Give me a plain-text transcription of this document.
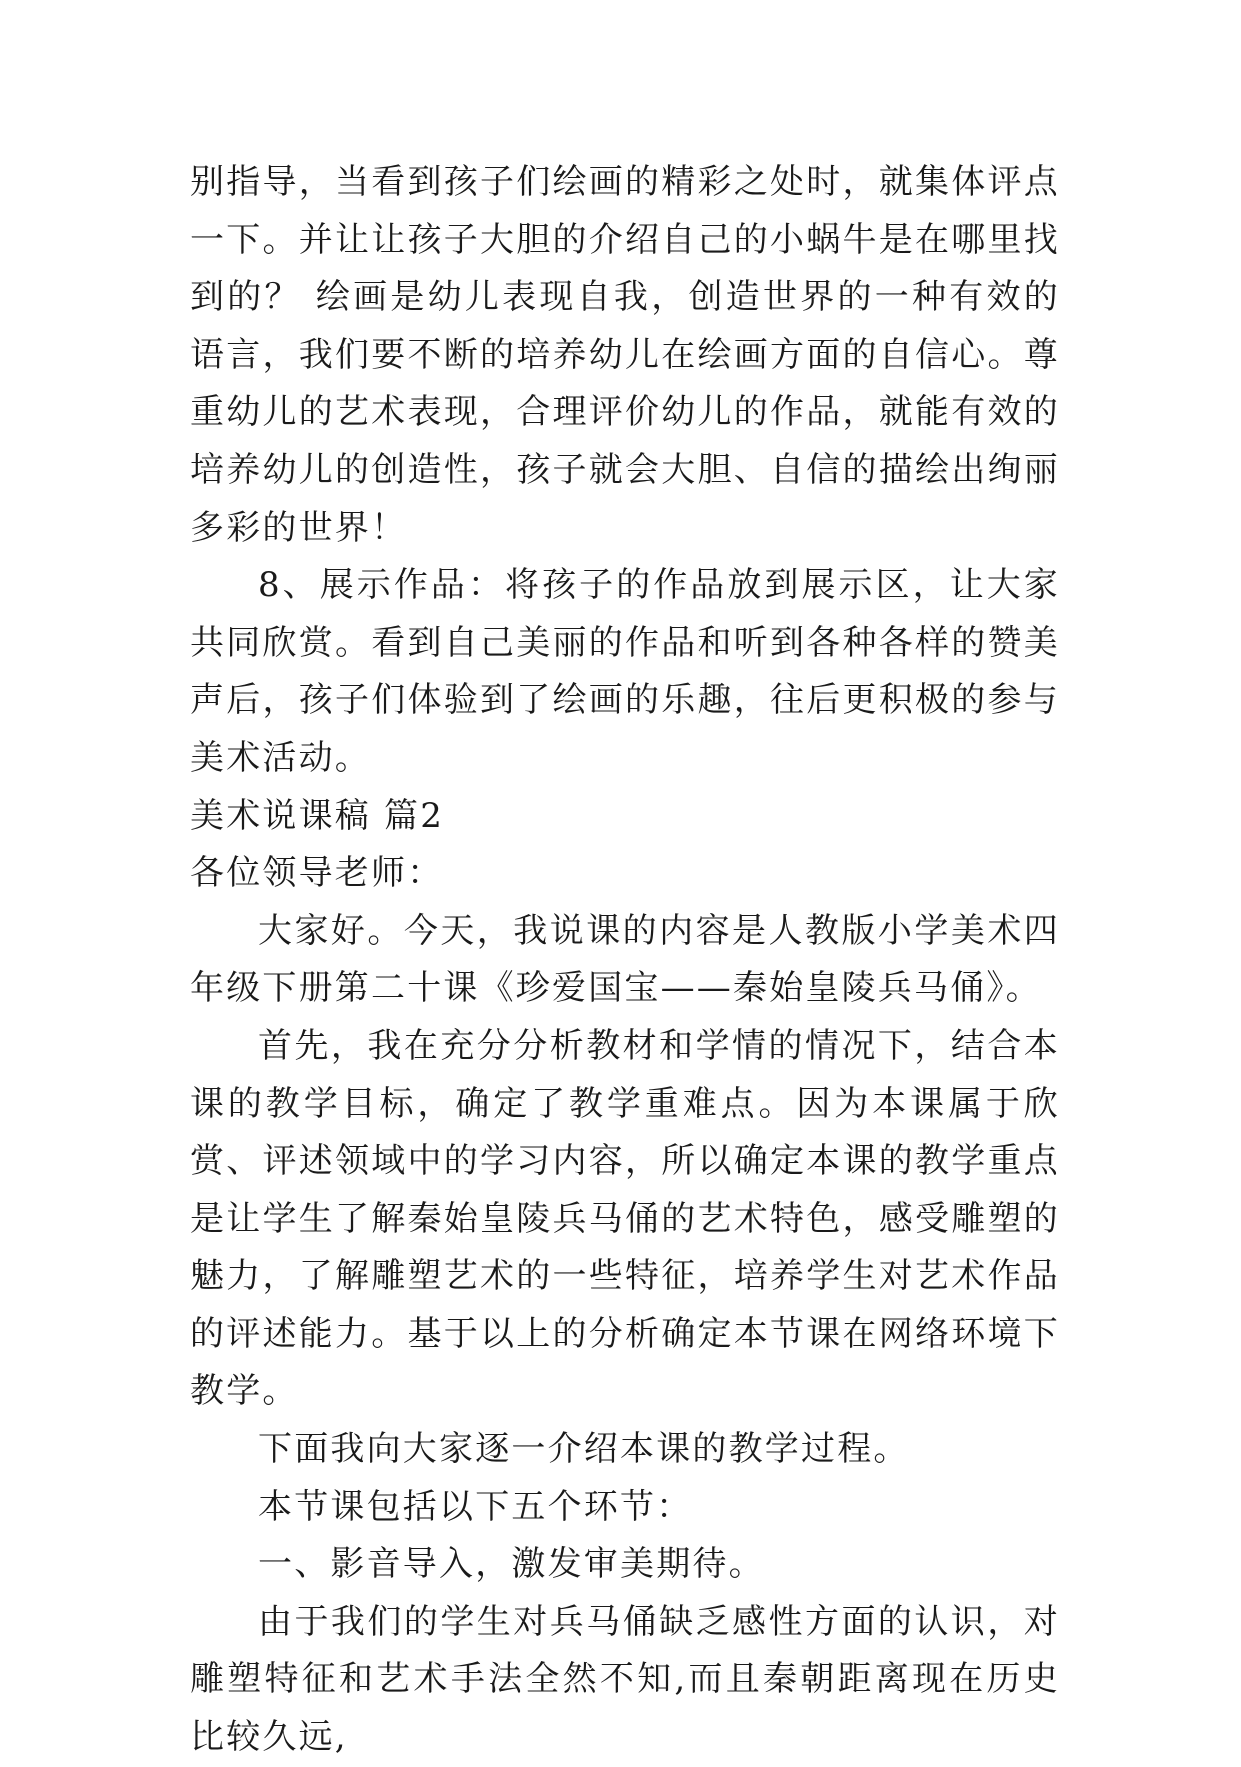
别指导，当看到孩子们绘画的精彩之处时，就集体评点一下。并让让孩子大胆的介绍自己的小蜗牛是在哪里找到的？ 绘画是幼儿表现自我，创造世界的一种有效的语言，我们要不断的培养幼儿在绘画方面的自信心。尊重幼儿的艺术表现，合理评价幼儿的作品，就能有效的培养幼儿的创造性，孩子就会大胆、自信的描绘出绚丽多彩的世界！

8、展示作品：将孩子的作品放到展示区，让大家共同欣赏。看到自己美丽的作品和听到各种各样的赞美声后，孩子们体验到了绘画的乐趣，往后更积极的参与美术活动。

美术说课稿 篇2

各位领导老师：

大家好。今天，我说课的内容是人教版小学美术四年级下册第二十课《珍爱国宝——秦始皇陵兵马俑》。

首先，我在充分分析教材和学情的情况下，结合本课的教学目标，确定了教学重难点。因为本课属于欣赏、评述领域中的学习内容，所以确定本课的教学重点是让学生了解秦始皇陵兵马俑的艺术特色，感受雕塑的魅力，了解雕塑艺术的一些特征，培养学生对艺术作品的评述能力。基于以上的分析确定本节课在网络环境下教学。

下面我向大家逐一介绍本课的教学过程。

本节课包括以下五个环节：

一、影音导入，激发审美期待。

由于我们的学生对兵马俑缺乏感性方面的认识，对雕塑特征和艺术手法全然不知,而且秦朝距离现在历史比较久远,
